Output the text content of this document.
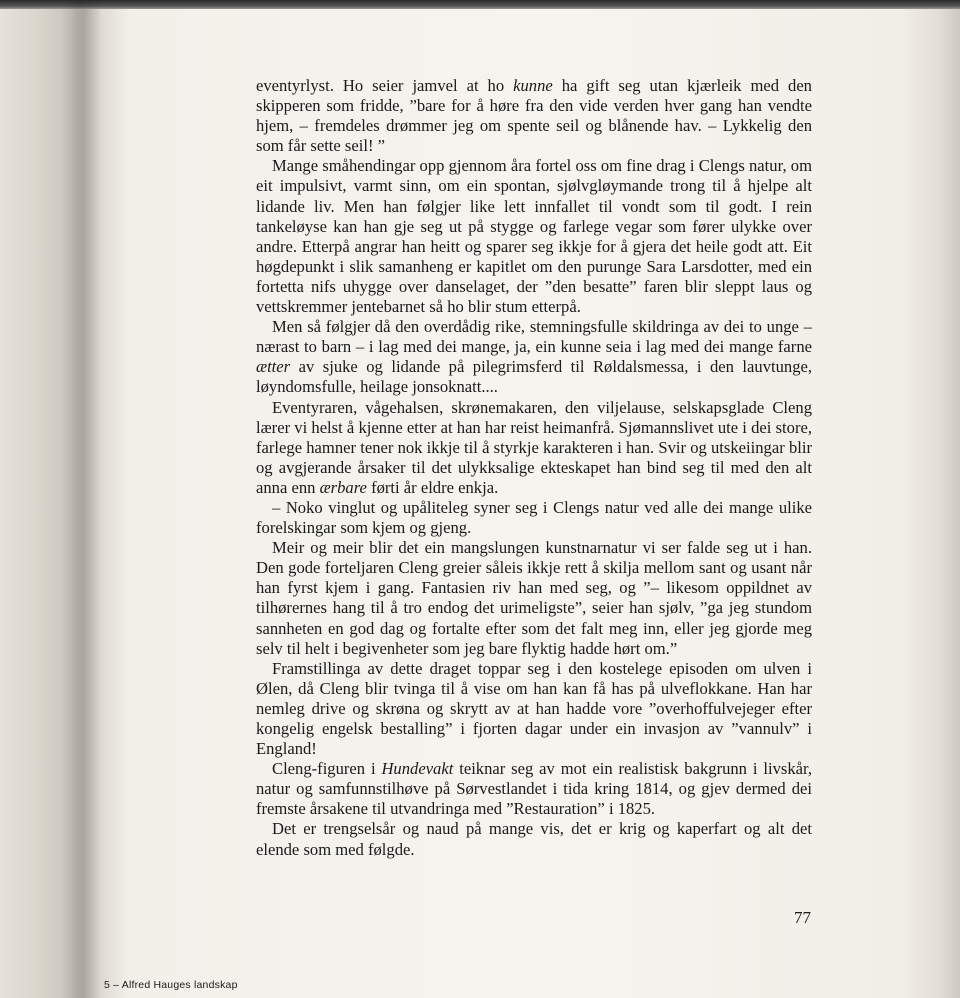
eventyrlyst. Ho seier jamvel at ho kunne ha gift seg utan kjærleik med den skipperen som fridde, ”bare for å høre fra den vide verden hver gang han vendte hjem, – fremdeles drømmer jeg om spente seil og blånende hav. – Lykkelig den som får sette seil! ”

Mange småhendingar opp gjennom åra fortel oss om fine drag i Clengs natur, om eit impulsivt, varmt sinn, om ein spontan, sjølvgløymande trong til å hjelpe alt lidande liv. Men han følgjer like lett innfallet til vondt som til godt. I rein tankeløyse kan han gje seg ut på stygge og farlege vegar som fører ulykke over andre. Etterpå angrar han heitt og sparer seg ikkje for å gjera det heile godt att. Eit høgdepunkt i slik samanheng er kapitlet om den purunge Sara Larsdotter, med ein fortetta nifs uhygge over danselaget, der ”den besatte” faren blir sleppt laus og vettskremmer jentebarnet så ho blir stum etterpå.

Men så følgjer då den overdådig rike, stemningsfulle skildringa av dei to unge – nærast to barn – i lag med dei mange, ja, ein kunne seia i lag med dei mange farne ætter av sjuke og lidande på pilegrimsferd til Røldalsmessa, i den lauvtunge, løyndomsfulle, heilage jonsoknatt....

Eventyraren, vågehalsen, skrønemakaren, den viljelause, selskapsglade Cleng lærer vi helst å kjenne etter at han har reist heimanfrå. Sjømannslivet ute i dei store, farlege hamner tener nok ikkje til å styrkje karakteren i han. Svir og utskeiingar blir og avgjerande årsaker til det ulykksalige ekteskapet han bind seg til med den alt anna enn ærbare førti år eldre enkja.

– Noko vinglut og upåliteleg syner seg i Clengs natur ved alle dei mange ulike forelskingar som kjem og gjeng.

Meir og meir blir det ein mangslungen kunstnarnatur vi ser falde seg ut i han. Den gode forteljaren Cleng greier såleis ikkje rett å skilja mellom sant og usant når han fyrst kjem i gang. Fantasien riv han med seg, og ”– likesom oppildnet av tilhørernes hang til å tro endog det urimeligste”, seier han sjølv, ”ga jeg stundom sannheten en god dag og fortalte efter som det falt meg inn, eller jeg gjorde meg selv til helt i begivenheter som jeg bare flyktig hadde hørt om.”

Framstillinga av dette draget toppar seg i den kostelege episoden om ulven i Ølen, då Cleng blir tvinga til å vise om han kan få has på ulveflokkane. Han har nemleg drive og skrøna og skrytt av at han hadde vore ”overhoffulvejeger efter kongelig engelsk bestalling” i fjorten dagar under ein invasjon av ”vannulv” i England!

Cleng-figuren i Hundevakt teiknar seg av mot ein realistisk bakgrunn i livskår, natur og samfunnstilhøve på Sørvestlandet i tida kring 1814, og gjev dermed dei fremste årsakene til utvandringa med ”Restauration” i 1825.

Det er trengselsår og naud på mange vis, det er krig og kaperfart og alt det elende som med følgde.

77
5 – Alfred Hauges landskap
